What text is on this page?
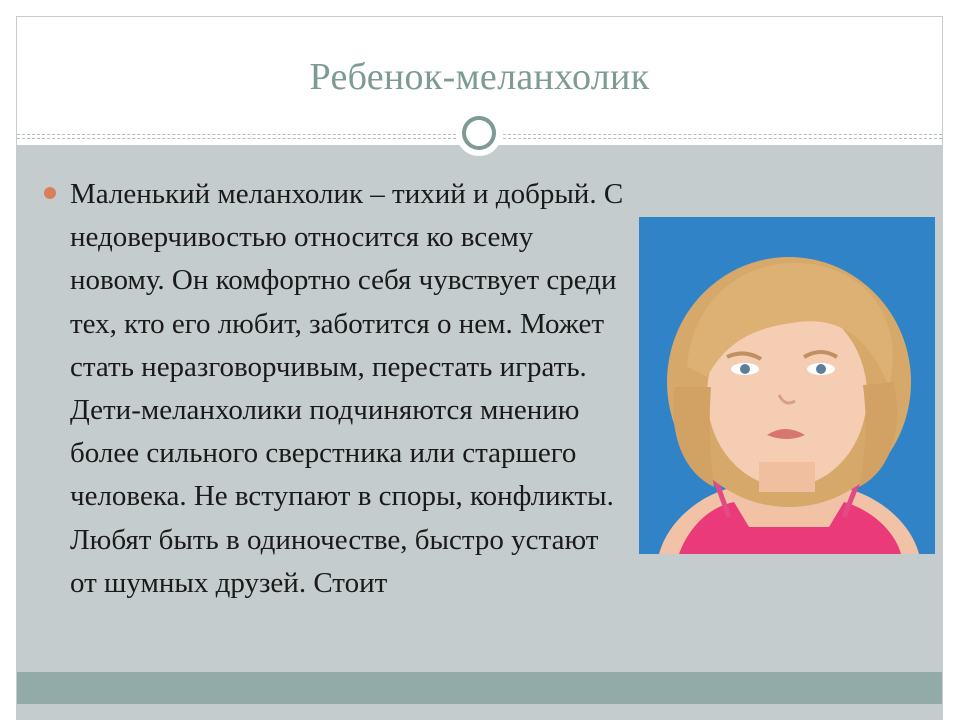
Ребенок-меланхолик

Маленький меланхолик – тихий и добрый. С недоверчивостью относится ко всему новому. Он комфортно себя чувствует среди тех, кто его любит, заботится о нем. Может стать неразговорчивым, перестать играть. Дети-меланхолики подчиняются мнению более сильного сверстника или старшего человека. Не вступают в споры, конфликты. Любят быть в одиночестве, быстро устают от шумных друзей. Стоит
